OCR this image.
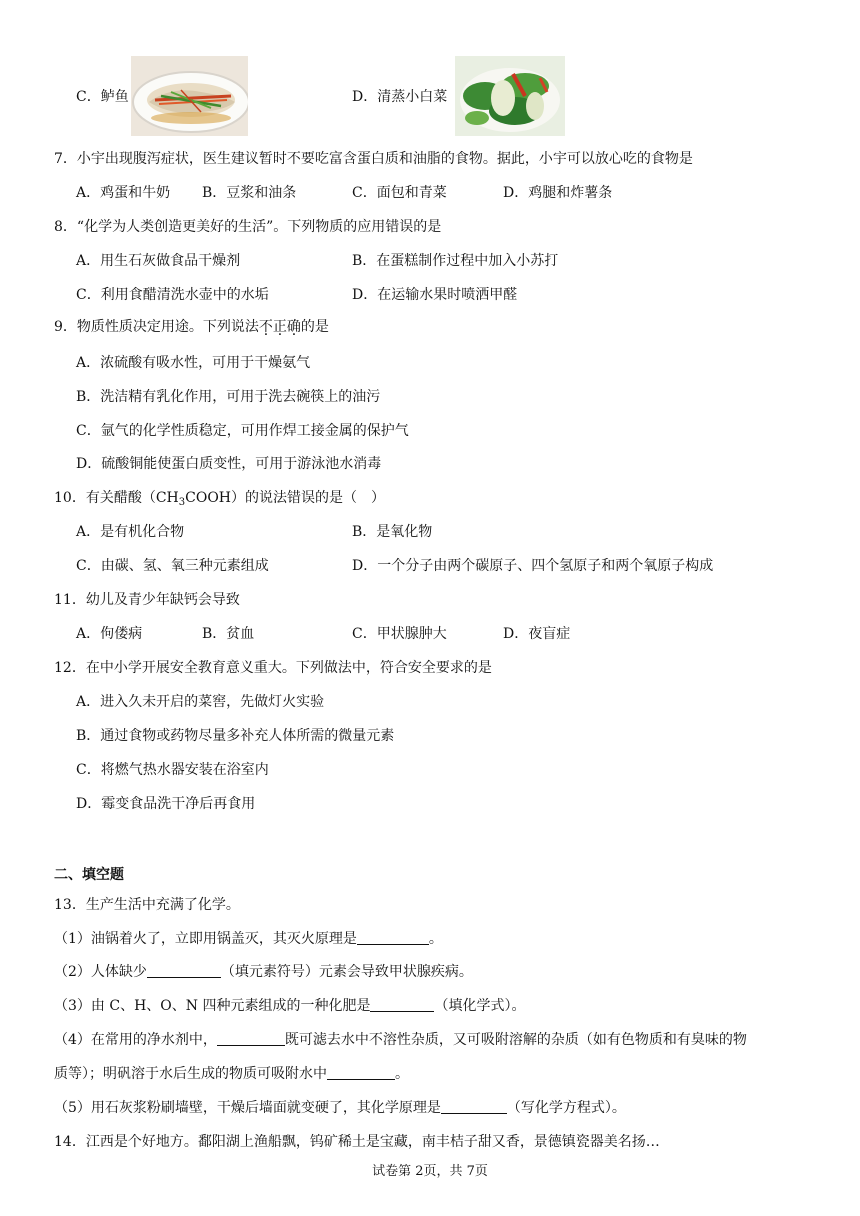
C．鲈鱼	D．清蒸小白菜
7．小宇出现腹泻症状，医生建议暂时不要吃富含蛋白质和油脂的食物。据此，小宇可以放心吃的食物是
A．鸡蛋和牛奶 B．豆浆和油条	C．面包和青菜	D．鸡腿和炸薯条
8．“化学为人类创造更美好的生活”。下列物质的应用错误的是
A．用生石灰做食品干燥剂	B．在蛋糕制作过程中加入小苏打
C．利用食醋清洗水壶中的水垢	D．在运输水果时喷洒甲醛
9．物质性质决定用途。下列说法不正确的是
A．浓硫酸有吸水性，可用于干燥氨气
B．洗洁精有乳化作用，可用于洗去碗筷上的油污
C．氩气的化学性质稳定，可用作焊工接金属的保护气
D．硫酸铜能使蛋白质变性，可用于游泳池水消毒
10．有关醋酸$(CH_3COOH)$的说法错误的是（　）
A．是有机化合物	B．是氧化物
C．由碳、氢、氧三种元素组成	D．一个分子由两个碳原子、四个氢原子和两个氧原子构成
11．幼儿及青少年缺钙会导致
A．佝偻病	B．贫血	C．甲状腺肿大	D．夜盲症
12．在中小学开展安全教育意义重大。下列做法中，符合安全要求的是
A．进入久未开启的菜窖，先做灯火实验
B．通过食物或药物尽量多补充人体所需的微量元素
C．将燃气热水器安装在浴室内
D．霉变食品洗干净后再食用
二、填空题
13．生产生活中充满了化学。
（1）油锅着火了，立即用锅盖灭，其灭火原理是	。
（2）人体缺少	（填元素符号）元素会导致甲状腺疾病。
（3）由 C、H、O、N 四种元素组成的一种化肥是	（填化学式）。
（4）在常用的净水剂中，	既可滤去水中不溶性杂质，又可吸附溶解的杂质（如有色物质和有臭味的物
质等）；明矾溶于水后生成的物质可吸附水中	。
（5）用石灰浆粉刷墙壁，干燥后墙面就变硬了，其化学原理是	（写化学方程式）。
14．江西是个好地方。鄱阳湖上渔船飘，钨矿稀土是宝藏，南丰桔子甜又香，景德镇瓷器美名扬…
试卷第 2页，共 7页
